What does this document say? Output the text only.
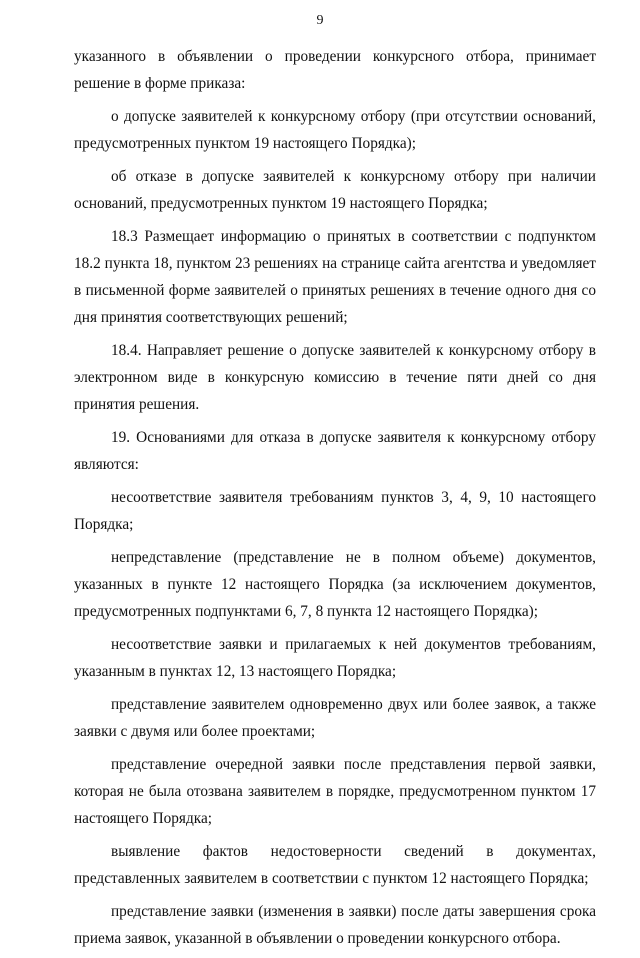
9

указанного в объявлении о проведении конкурсного отбора, принимает решение в форме приказа:

о допуске заявителей к конкурсному отбору (при отсутствии оснований, предусмотренных пунктом 19 настоящего Порядка);

об отказе в допуске заявителей к конкурсному отбору при наличии оснований, предусмотренных пунктом 19 настоящего Порядка;

18.3 Размещает информацию о принятых в соответствии с подпунктом 18.2 пункта 18, пунктом 23 решениях на странице сайта агентства и уведомляет в письменной форме заявителей о принятых решениях в течение одного дня со дня принятия соответствующих решений;

18.4. Направляет решение о допуске заявителей к конкурсному отбору в электронном виде в конкурсную комиссию в течение пяти дней со дня принятия решения.

19. Основаниями для отказа в допуске заявителя к конкурсному отбору являются:

несоответствие заявителя требованиям пунктов 3, 4, 9, 10 настоящего Порядка;

непредставление (представление не в полном объеме) документов, указанных в пункте 12 настоящего Порядка (за исключением документов, предусмотренных подпунктами 6, 7, 8 пункта 12 настоящего Порядка);

несоответствие заявки и прилагаемых к ней документов требованиям, указанным в пунктах 12, 13 настоящего Порядка;

представление заявителем одновременно двух или более заявок, а также заявки с двумя или более проектами;

представление очередной заявки после представления первой заявки, которая не была отозвана заявителем в порядке, предусмотренном пунктом 17 настоящего Порядка;

выявление фактов недостоверности сведений в документах, представленных заявителем в соответствии с пунктом 12 настоящего Порядка;

представление заявки (изменения в заявки) после даты завершения срока приема заявок, указанной в объявлении о проведении конкурсного отбора.
